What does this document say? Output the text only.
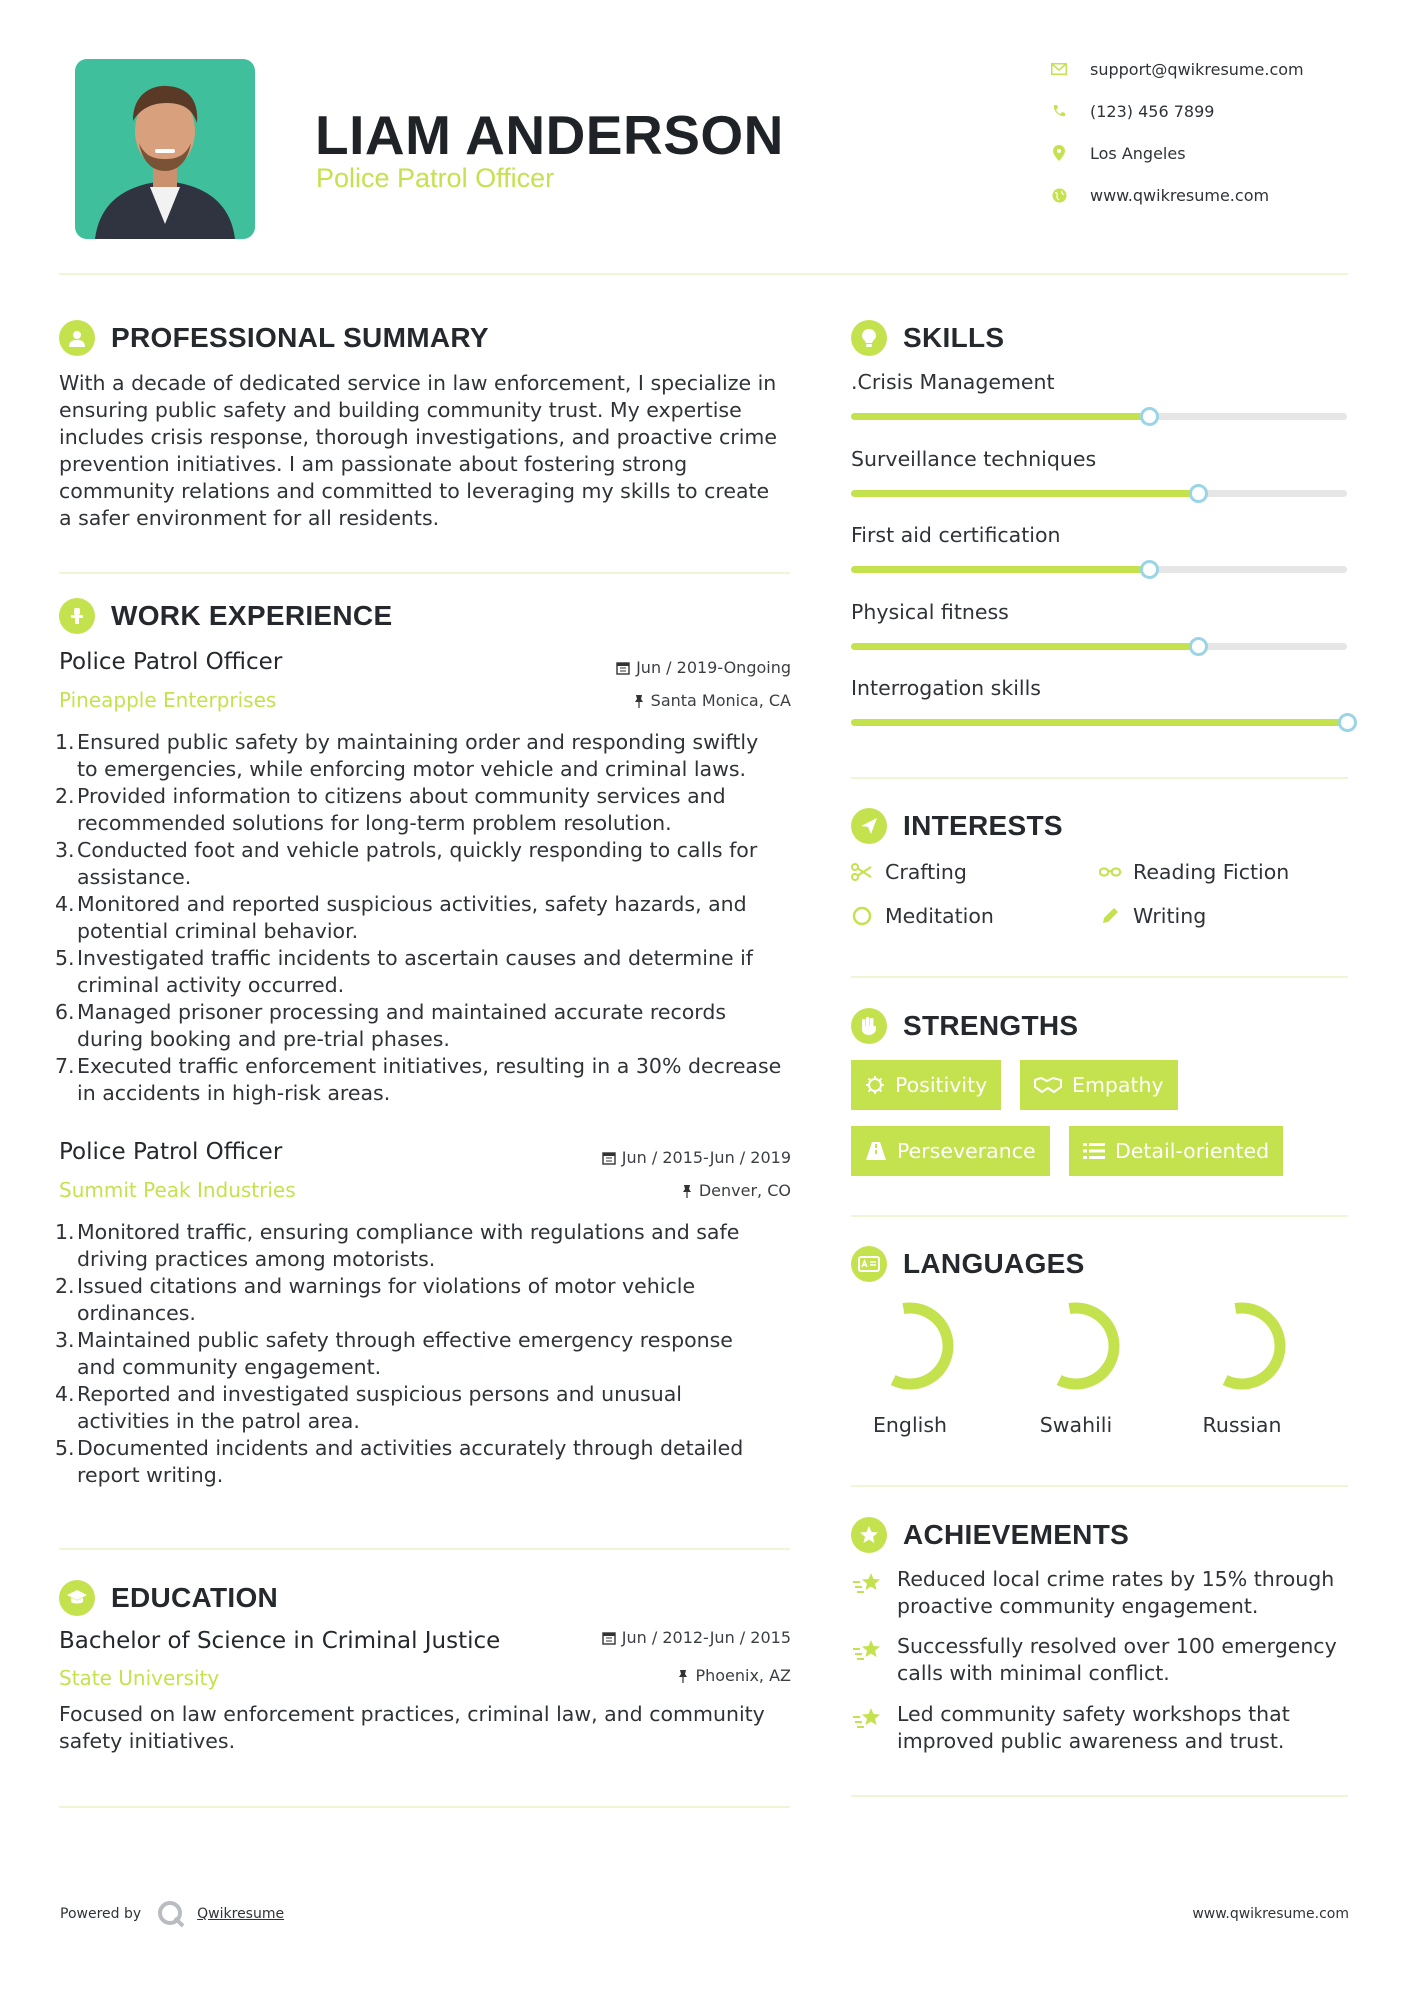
LIAM ANDERSON
Police Patrol Officer
support@qwikresume.com
(123) 456 7899
Los Angeles
www.qwikresume.com
PROFESSIONAL SUMMARY
With a decade of dedicated service in law enforcement, I specialize in
ensuring public safety and building community trust. My expertise
includes crisis response, thorough investigations, and proactive crime
prevention initiatives. I am passionate about fostering strong
community relations and committed to leveraging my skills to create
a safer environment for all residents.
WORK EXPERIENCE
Police Patrol Officer	Jun / 2019-Ongoing
Pineapple Enterprises	Santa Monica, CA
1. Ensured public safety by maintaining order and responding swiftly
to emergencies, while enforcing motor vehicle and criminal laws.
2. Provided information to citizens about community services and
recommended solutions for long-term problem resolution.
3. Conducted foot and vehicle patrols, quickly responding to calls for
assistance.
4. Monitored and reported suspicious activities, safety hazards, and
potential criminal behavior.
5. Investigated traffic incidents to ascertain causes and determine if
criminal activity occurred.
6. Managed prisoner processing and maintained accurate records
during booking and pre-trial phases.
7. Executed traffic enforcement initiatives, resulting in a 30% decrease
in accidents in high-risk areas.
Police Patrol Officer	Jun / 2015-Jun / 2019
Summit Peak Industries	Denver, CO
1. Monitored traffic, ensuring compliance with regulations and safe
driving practices among motorists.
2. Issued citations and warnings for violations of motor vehicle
ordinances.
3. Maintained public safety through effective emergency response
and community engagement.
4. Reported and investigated suspicious persons and unusual
activities in the patrol area.
5. Documented incidents and activities accurately through detailed
report writing.
EDUCATION
Bachelor of Science in Criminal Justice	Jun / 2012-Jun / 2015
State University	Phoenix, AZ
Focused on law enforcement practices, criminal law, and community
safety initiatives.
SKILLS
.Crisis Management
Surveillance techniques
First aid certification
Physical fitness
Interrogation skills
INTERESTS
Crafting	Reading Fiction
Meditation	Writing
STRENGTHS
Positivity	Empathy
Perseverance	Detail-oriented
LANGUAGES
English	Swahili	Russian
ACHIEVEMENTS
Reduced local crime rates by 15% through
proactive community engagement.
Successfully resolved over 100 emergency
calls with minimal conflict.
Led community safety workshops that
improved public awareness and trust.
Powered by	Qwikresume	www.qwikresume.com
